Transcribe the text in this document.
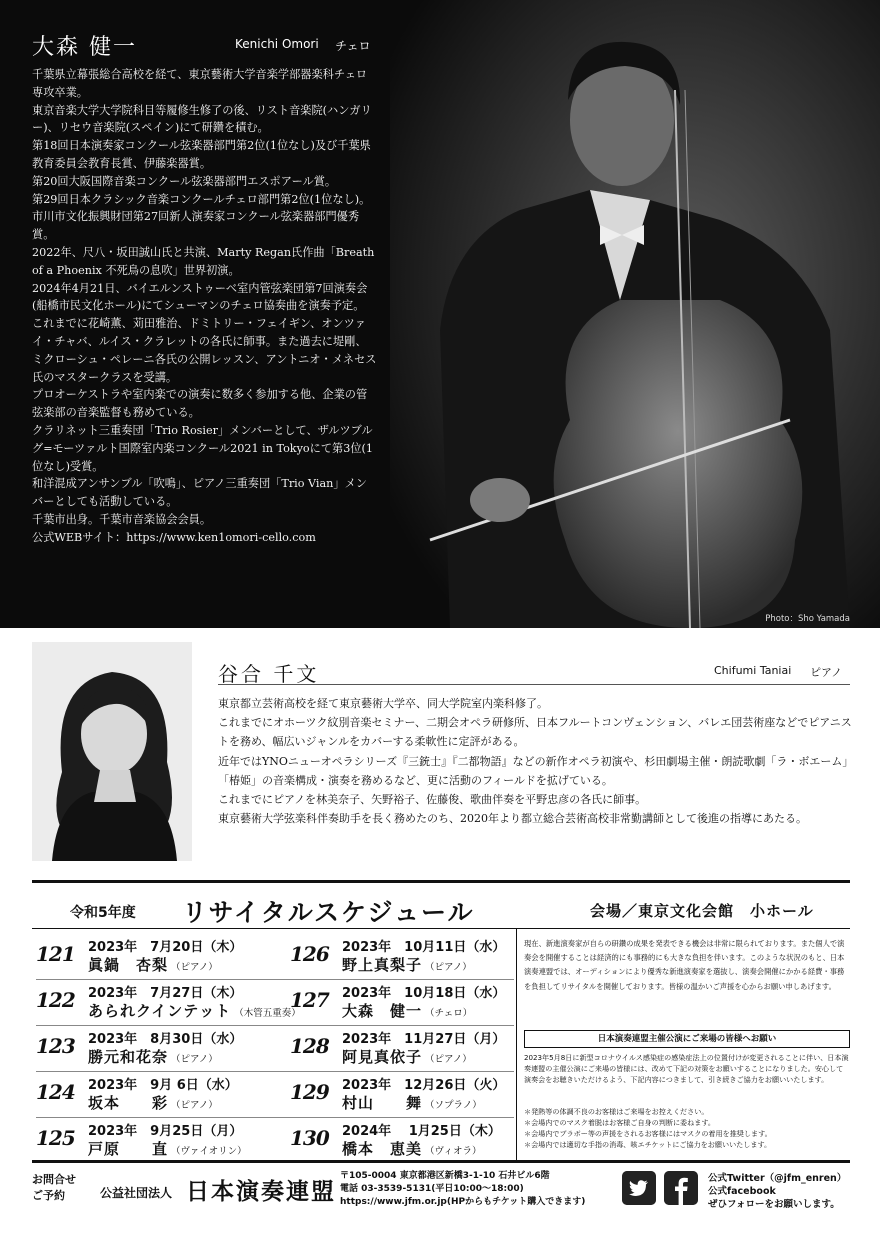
大森 健一	Kenichi Omori チェロ

千葉県立幕張総合高校を経て、東京藝術大学音楽学部器楽科チェロ専攻卒業。

東京音楽大学大学院科目等履修生修了の後、リスト音楽院(ハンガリー)、リセウ音楽院(スペイン)にて研鑽を積む。

第18回日本演奏家コンクール弦楽器部門第2位(1位なし)及び千葉県教育委員会教育長賞、伊藤楽器賞。

第20回大阪国際音楽コンクール弦楽器部門エスポアール賞。

第29回日本クラシック音楽コンクールチェロ部門第2位(1位なし)。

市川市文化振興財団第27回新人演奏家コンクール弦楽器部門優秀賞。

2022年、尺八・坂田誠山氏と共演、Marty Regan氏作曲「Breath of a Phoenix 不死鳥の息吹」世界初演。

2024年4月21日、バイエルンストゥーベ室内管弦楽団第7回演奏会(船橋市民文化ホール)にてシューマンのチェロ協奏曲を演奏予定。

これまでに花崎薫、苅田雅治、ドミトリー・フェイギン、オンツァイ・チャバ、ルイス・クラレットの各氏に師事。また過去に堤剛、ミクローシュ・ペレーニ各氏の公開レッスン、アントニオ・メネセス氏のマスタークラスを受講。

プロオーケストラや室内楽での演奏に数多く参加する他、企業の管弦楽部の音楽監督も務めている。

クラリネット三重奏団「Trio Rosier」メンバーとして、ザルツブルグ=モーツァルト国際室内楽コンクール2021 in Tokyoにて第3位(1位なし)受賞。

和洋混成アンサンブル「吹鳴」、ピアノ三重奏団「Trio Vian」メンバーとしても活動している。

千葉市出身。千葉市音楽協会会員。

公式WEBサイト：https://www.ken1omori-cello.com

Photo：Sho Yamada
谷合 千文	Chifumi Taniai ピアノ

東京都立芸術高校を経て東京藝術大学卒、同大学院室内楽科修了。

これまでにオホーツク紋別音楽セミナー、二期会オペラ研修所、日本フルートコンヴェンション、バレエ団芸術座などでピアニストを務め、幅広いジャンルをカバーする柔軟性に定評がある。

近年ではYNOニューオペラシリーズ『三銃士』『二都物語』などの新作オペラ初演や、杉田劇場主催・朗読歌劇「ラ・ボエーム」「椿姫」の音楽構成・演奏を務めるなど、更に活動のフィールドを拡げている。

これまでにピアノを林美奈子、矢野裕子、佐藤俊、歌曲伴奏を平野忠彦の各氏に師事。

東京藝術大学弦楽科伴奏助手を長く務めたのち、2020年より都立総合芸術高校非常勤講師として後進の指導にあたる。

令和5年度 リサイタルスケジュール	会場／東京文化会館　小ホール
121 2023年　7月20日（木）
眞鍋　杏梨 （ピアノ）
122 2023年　7月27日（木）
あられクインテット （木管五重奏）
123 2023年　8月30日（水）
勝元和花奈 （ピアノ）
124 2023年　9月 6日（水）
坂本　　彩 （ピアノ）
125 2023年　9月25日（月）
戸原　　直 （ヴァイオリン）
126 2023年　10月11日（水）
野上真梨子 （ピアノ）
127 2023年　10月18日（水）
大森　健一 （チェロ）
128 2023年　11月27日（月）
阿見真依子 （ピアノ）
129 2023年　12月26日（火）
村山　　舞 （ソプラノ）
130 2024年　 1月25日（木）
橋本　恵美 （ヴィオラ）
現在、新進演奏家が自らの研鑽の成果を発表できる機会は非常に限られております。また個人で演奏会を開催することは経済的にも事務的にも大きな負担を伴います。このような状況のもと、日本演奏連盟では、オーディションにより優秀な新進演奏家を選抜し、演奏会開催にかかる経費・事務を負担してリサイタルを開催しております。皆様の温かいご声援を心からお願い申しあげます。
日本演奏連盟主催公演にご来場の皆様へお願い
2023年5月8日に新型コロナウイルス感染症の感染症法上の位置付けが変更されることに伴い、日本演奏連盟の主催公演にご来場の皆様には、改めて下記の対策をお願いすることになりました。安心して演奏会をお聴きいただけるよう、下記内容につきまして、引き続きご協力をお願いいたします。
＊発熱等の体調不良のお客様はご来場をお控えください。
＊会場内でのマスク着脱はお客様ご自身の判断に委ねます。
＊会場内でブラボー等の声援をされるお客様にはマスクの着用を推奨します。
＊会場内では適切な手指の消毒、咳エチケットにご協力をお願いいたします。
お問合せ
ご予約	公益社団法人 日本演奏連盟
〒105-0004 東京都港区新橋3-1-10 石井ビル6階
電話 03-3539-5131(平日10:00～18:00)
https://www.jfm.or.jp(HPからもチケット購入できます)
公式Twitter（@jfm_enren）
公式facebook
ぜひフォローをお願いします。
